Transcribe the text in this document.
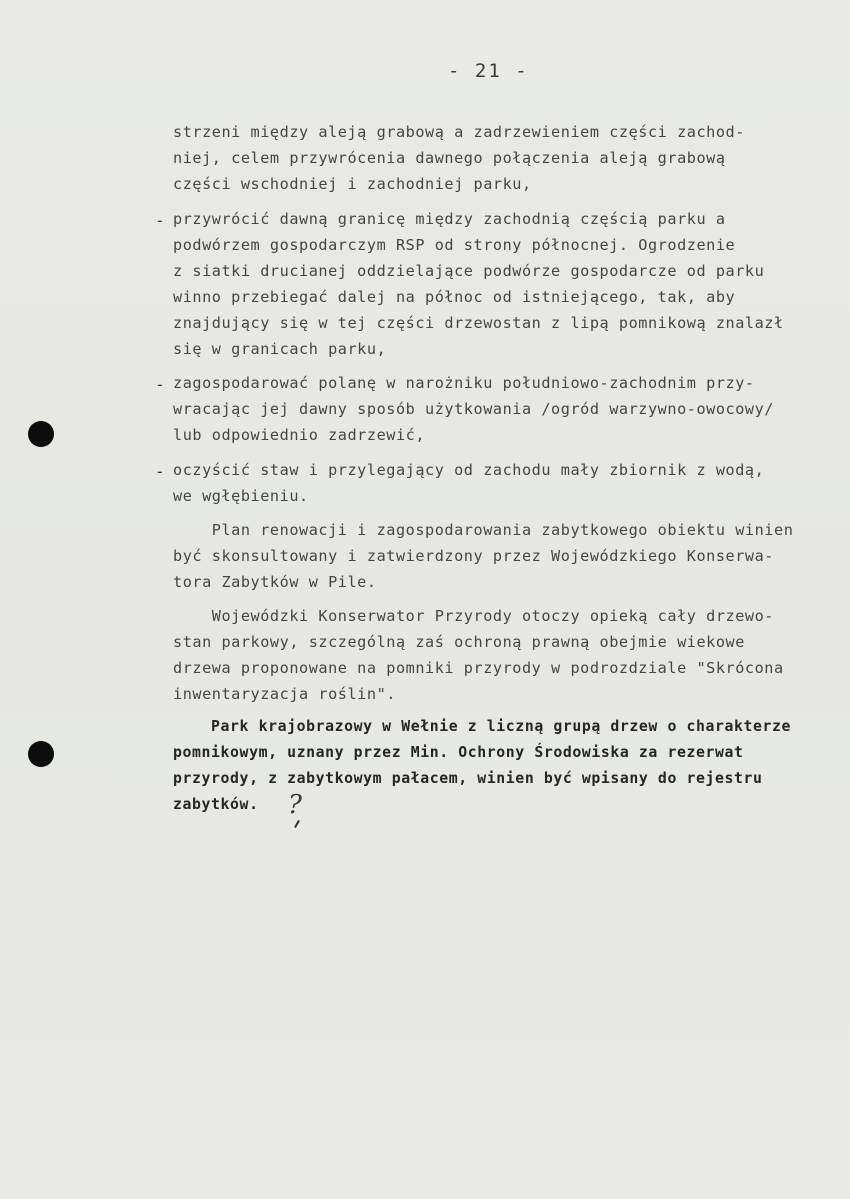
- 21 -
strzeni między aleją grabową a zadrzewieniem części zachod-
niej, celem przywrócenia dawnego połączenia aleją grabową
części wschodniej i zachodniej parku,
- przywrócić dawną granicę między zachodnią częścią parku a
podwórzem gospodarczym RSP od strony północnej. Ogrodzenie
z siatki drucianej oddzielające podwórze gospodarcze od parku
winno przebiegać dalej na północ od istniejącego, tak, aby
znajdujący się w tej części drzewostan z lipą pomnikową znalazł
się w granicach parku,
- zagospodarować polanę w narożniku południowo-zachodnim przy-
wracając jej dawny sposób użytkowania /ogród warzywno-owocowy/
lub odpowiednio zadrzewić,
- oczyścić staw i przylegający od zachodu mały zbiornik z wodą,
we wgłębieniu.
Plan renowacji i zagospodarowania zabytkowego obiektu winien
być skonsultowany i zatwierdzony przez Wojewódzkiego Konserwa-
tora Zabytków w Pile.
Wojewódzki Konserwator Przyrody otoczy opieką cały drzewo-
stan parkowy, szczególną zaś ochroną prawną obejmie wiekowe
drzewa proponowane na pomniki przyrody w podrozdziale "Skrócona
inwentaryzacja roślin".
Park krajobrazowy w Wełnie z liczną grupą drzew o charakterze
pomnikowym, uznany przez Min. Ochrony Środowiska za rezerwat
przyrody, z zabytkowym pałacem, winien być wpisany do rejestru
zabytków. ?
